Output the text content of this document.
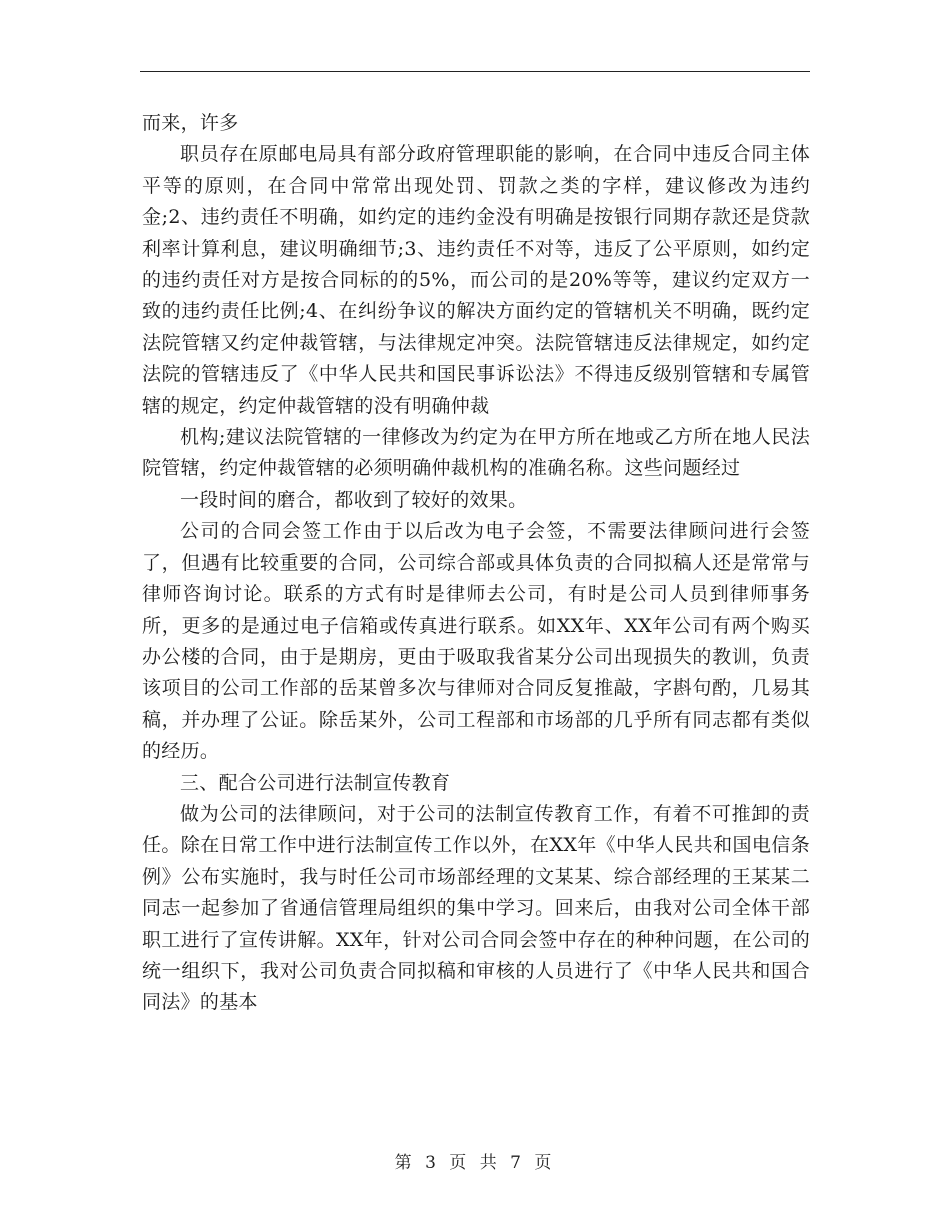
而来，许多

职员存在原邮电局具有部分政府管理职能的影响，在合同中违反合同主体平等的原则，在合同中常常出现处罚、罚款之类的字样，建议修改为违约金;2、违约责任不明确，如约定的违约金没有明确是按银行同期存款还是贷款利率计算利息，建议明确细节;3、违约责任不对等，违反了公平原则，如约定的违约责任对方是按合同标的的5%，而公司的是20%等等，建议约定双方一致的违约责任比例;4、在纠纷争议的解决方面约定的管辖机关不明确，既约定法院管辖又约定仲裁管辖，与法律规定冲突。法院管辖违反法律规定，如约定法院的管辖违反了《中华人民共和国民事诉讼法》不得违反级别管辖和专属管辖的规定，约定仲裁管辖的没有明确仲裁

机构;建议法院管辖的一律修改为约定为在甲方所在地或乙方所在地人民法院管辖，约定仲裁管辖的必须明确仲裁机构的准确名称。这些问题经过

一段时间的磨合，都收到了较好的效果。

公司的合同会签工作由于以后改为电子会签，不需要法律顾问进行会签了，但遇有比较重要的合同，公司综合部或具体负责的合同拟稿人还是常常与律师咨询讨论。联系的方式有时是律师去公司，有时是公司人员到律师事务所，更多的是通过电子信箱或传真进行联系。如XX年、XX年公司有两个购买办公楼的合同，由于是期房，更由于吸取我省某分公司出现损失的教训，负责该项目的公司工作部的岳某曾多次与律师对合同反复推敲，字斟句酌，几易其稿，并办理了公证。除岳某外，公司工程部和市场部的几乎所有同志都有类似的经历。

三、配合公司进行法制宣传教育

做为公司的法律顾问，对于公司的法制宣传教育工作，有着不可推卸的责任。除在日常工作中进行法制宣传工作以外，在XX年《中华人民共和国电信条例》公布实施时，我与时任公司市场部经理的文某某、综合部经理的王某某二同志一起参加了省通信管理局组织的集中学习。回来后，由我对公司全体干部职工进行了宣传讲解。XX年，针对公司合同会签中存在的种种问题，在公司的统一组织下，我对公司负责合同拟稿和审核的人员进行了《中华人民共和国合同法》的基本

第 3 页 共 7 页
